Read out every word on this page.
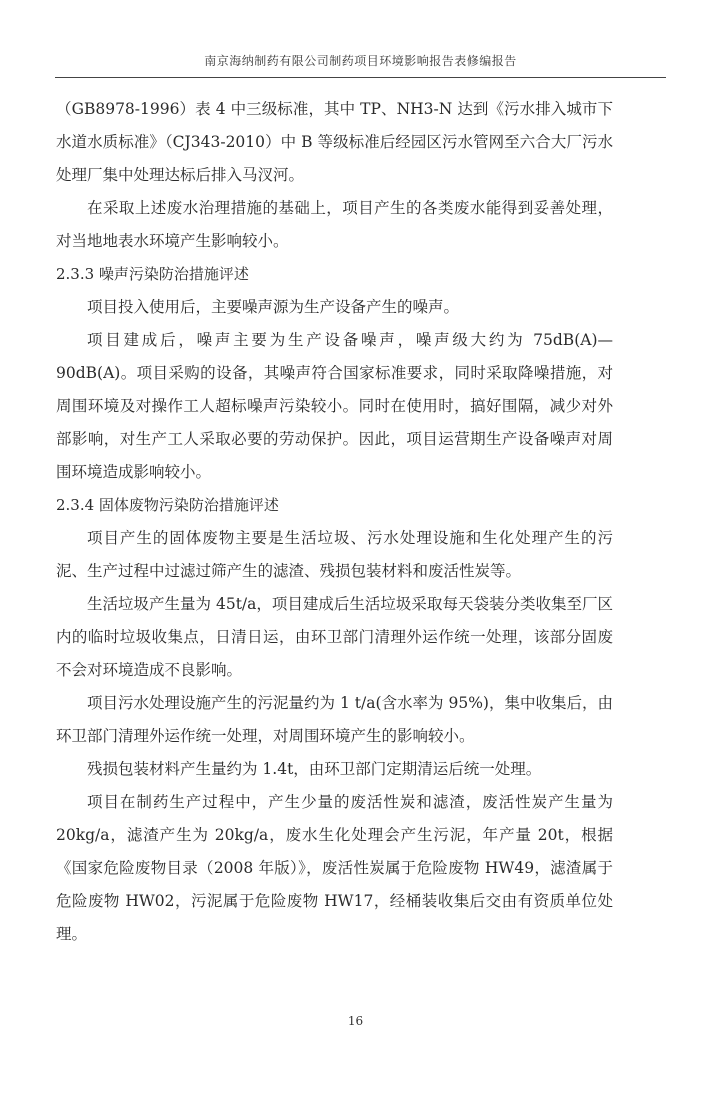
南京海纳制药有限公司制药项目环境影响报告表修编报告

（GB8978-1996）表 4 中三级标准，其中 TP、NH3-N 达到《污水排入城市下水道水质标准》（CJ343-2010）中 B 等级标准后经园区污水管网至六合大厂污水处理厂集中处理达标后排入马汊河。

在采取上述废水治理措施的基础上，项目产生的各类废水能得到妥善处理，对当地地表水环境产生影响较小。

2.3.3 噪声污染防治措施评述

项目投入使用后，主要噪声源为生产设备产生的噪声。

项目建成后，噪声主要为生产设备噪声，噪声级大约为 75dB(A)—90dB(A)。项目采购的设备，其噪声符合国家标准要求，同时采取降噪措施，对周围环境及对操作工人超标噪声污染较小。同时在使用时，搞好围隔，减少对外部影响，对生产工人采取必要的劳动保护。因此，项目运营期生产设备噪声对周围环境造成影响较小。

2.3.4 固体废物污染防治措施评述

项目产生的固体废物主要是生活垃圾、污水处理设施和生化处理产生的污泥、生产过程中过滤过筛产生的滤渣、残损包装材料和废活性炭等。

生活垃圾产生量为 45t/a，项目建成后生活垃圾采取每天袋装分类收集至厂区内的临时垃圾收集点，日清日运，由环卫部门清理外运作统一处理，该部分固废不会对环境造成不良影响。

项目污水处理设施产生的污泥量约为 1 t/a(含水率为 95%)，集中收集后，由环卫部门清理外运作统一处理，对周围环境产生的影响较小。

残损包装材料产生量约为 1.4t，由环卫部门定期清运后统一处理。

项目在制药生产过程中，产生少量的废活性炭和滤渣，废活性炭产生量为 20kg/a，滤渣产生为 20kg/a，废水生化处理会产生污泥，年产量 20t，根据《国家危险废物目录（2008 年版）》，废活性炭属于危险废物 HW49，滤渣属于危险废物 HW02，污泥属于危险废物 HW17，经桶装收集后交由有资质单位处理。

16
